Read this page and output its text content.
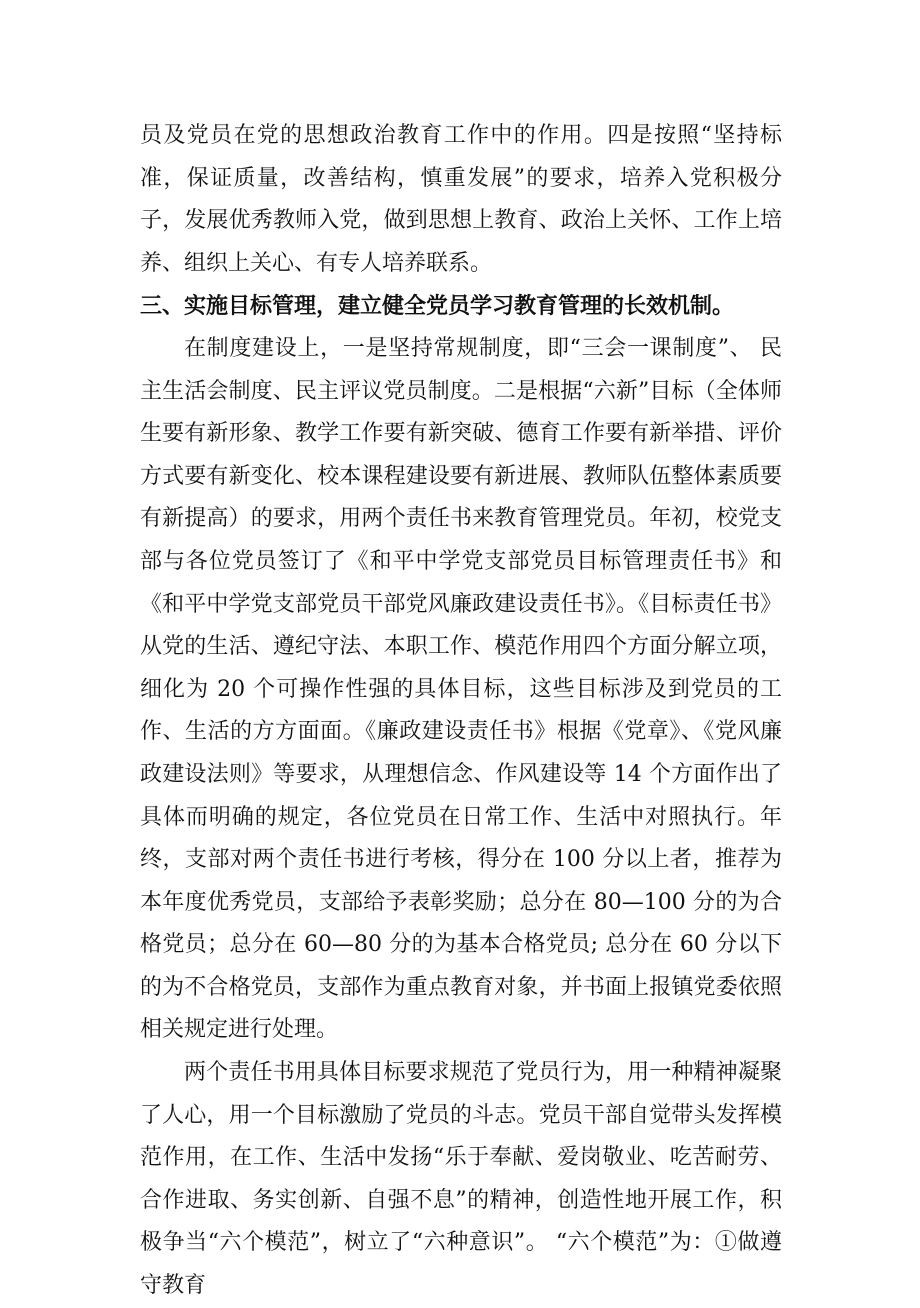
员及党员在党的思想政治教育工作中的作用。四是按照“坚持标准，保证质量，改善结构，慎重发展”的要求，培养入党积极分子，发展优秀教师入党，做到思想上教育、政治上关怀、工作上培养、组织上关心、有专人培养联系。

三、实施目标管理，建立健全党员学习教育管理的长效机制。

在制度建设上，一是坚持常规制度，即“三会一课制度”、 民主生活会制度、民主评议党员制度。二是根据“六新”目标（全体师生要有新形象、教学工作要有新突破、德育工作要有新举措、评价方式要有新变化、校本课程建设要有新进展、教师队伍整体素质要有新提高）的要求，用两个责任书来教育管理党员。年初，校党支部与各位党员签订了《和平中学党支部党员目标管理责任书》和《和平中学党支部党员干部党风廉政建设责任书》。《目标责任书》从党的生活、遵纪守法、本职工作、模范作用四个方面分解立项，细化为 20 个可操作性强的具体目标，这些目标涉及到党员的工作、生活的方方面面。《廉政建设责任书》根据《党章》、《党风廉政建设法则》等要求，从理想信念、作风建设等 14 个方面作出了具体而明确的规定，各位党员在日常工作、生活中对照执行。年终，支部对两个责任书进行考核，得分在 100 分以上者，推荐为本年度优秀党员，支部给予表彰奖励；总分在 80—100 分的为合格党员；总分在 60—80 分的为基本合格党员; 总分在 60 分以下的为不合格党员，支部作为重点教育对象，并书面上报镇党委依照相关规定进行处理。

两个责任书用具体目标要求规范了党员行为，用一种精神凝聚了人心，用一个目标激励了党员的斗志。党员干部自觉带头发挥模范作用，在工作、生活中发扬“乐于奉献、爱岗敬业、吃苦耐劳、合作进取、务实创新、自强不息”的精神，创造性地开展工作，积极争当“六个模范”，树立了“六种意识”。 “六个模范”为：①做遵守教育
